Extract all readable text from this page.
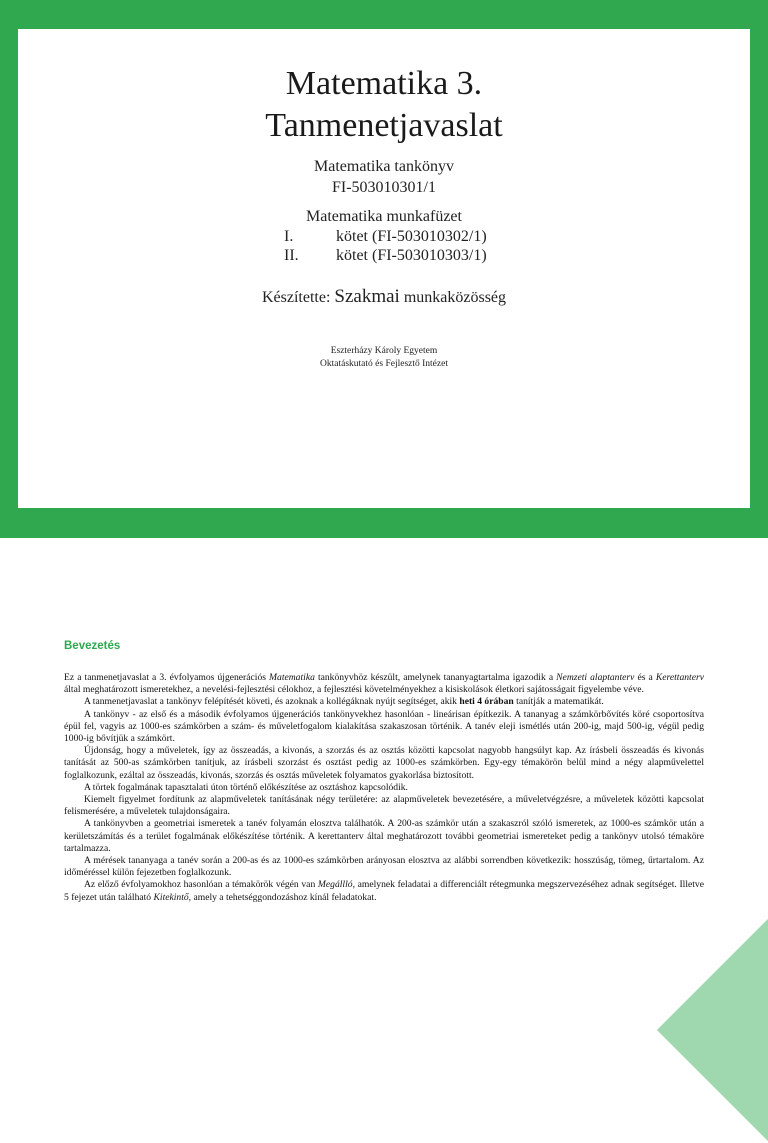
Matematika 3.
Tanmenetjavaslat
Matematika tankönyv
FI-503010301/1
Matematika munkafüzet
I.	kötet (FI-503010302/1)
II. kötet (FI-503010303/1)
Készítette: Szakmai munkaközösség
Eszterházy Károly Egyetem
Oktatáskutató és Fejlesztő Intézet
Bevezetés

Ez a tanmenetjavaslat a 3. évfolyamos újgenerációs Matematika tankönyvhöz készült, amelynek tananyagtartalma igazodik a Nemzeti alaptanterv és a Kerettanterv által meghatározott ismeretekhez, a nevelési-fejlesztési célokhoz, a fejlesztési követelményekhez a kisiskolások életkori sajátosságait figyelembe véve.

A tanmenetjavaslat a tankönyv felépítését követi, és azoknak a kollégáknak nyújt segítséget, akik heti 4 órában tanítják a matematikát.

A tankönyv - az első és a második évfolyamos újgenerációs tankönyvekhez hasonlóan - lineárisan építkezik. A tananyag a számkörbővítés köré csoportosítva épül fel, vagyis az 1000-es számkörben a szám- és műveletfogalom kialakítása szakaszosan történik. A tanév eleji ismétlés után 200-ig, majd 500-ig, végül pedig 1000-ig bővítjük a számkört.

Újdonság, hogy a műveletek, így az összeadás, a kivonás, a szorzás és az osztás közötti kapcsolat nagyobb hangsúlyt kap. Az írásbeli összeadás és kivonás tanítását az 500-as számkörben tanítjuk, az írásbeli szorzást és osztást pedig az 1000-es számkörben. Egy-egy témakörön belül mind a négy alapművelettel foglalkozunk, ezáltal az összeadás, kivonás, szorzás és osztás műveletek folyamatos gyakorlása biztosított.

A törtek fogalmának tapasztalati úton történő előkészítése az osztáshoz kapcsolódik.

Kiemelt figyelmet fordítunk az alapműveletek tanításának négy területére: az alapműveletek bevezetésére, a műveletvégzésre, a műveletek közötti kapcsolat felismerésére, a műveletek tulajdonságaira.

A tankönyvben a geometriai ismeretek a tanév folyamán elosztva találhatók. A 200-as számkör után a szakaszról szóló ismeretek, az 1000-es számkör után a kerületszámítás és a terület fogalmának előkészítése történik. A kerettanterv által meghatározott további geometriai ismereteket pedig a tankönyv utolsó témaköre tartalmazza.

A mérések tananyaga a tanév során a 200-as és az 1000-es számkörben arányosan elosztva az alábbi sorrendben következik: hosszúság, tömeg, űrtartalom. Az időméréssel külön fejezetben foglalkozunk.

Az előző évfolyamokhoz hasonlóan a témakörök végén van Megállló, amelynek feladatai a differenciált rétegmunka megszervezéséhez adnak segítséget. Illetve 5 fejezet után található Kitekintő, amely a tehetséggondozáshoz kínál feladatokat.
